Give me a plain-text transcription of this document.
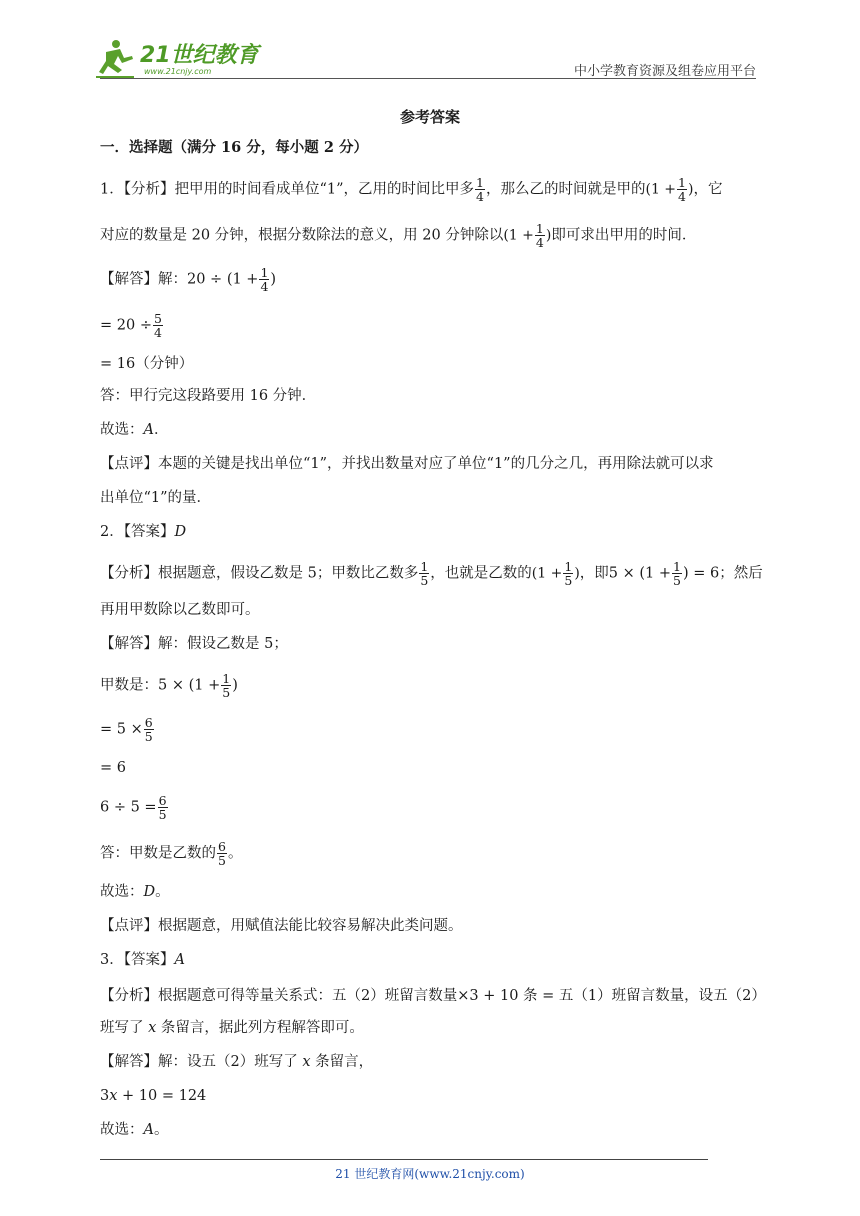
21世纪教育
www.21cnjy.com	中小学教育资源及组卷应用平台
参考答案
一．选择题（满分 16 分，每小题 2 分）
1．【分析】把甲用的时间看成单位“1”，乙用的时间比甲多 $\frac{1}{4}$ ，那么乙的时间就是甲的($1 + \frac{1}{4}$ )，它
对应的数量是 20 分钟，根据分数除法的意义，用 20 分钟除以($1 + \frac{1}{4}$ )即可求出甲用的时间．
【解答】解：$20 \div (1 + \frac{1}{4}$ )
= $20 \div \frac{5}{4}$
= 16（分钟）
答：甲行完这段路要用 16 分钟．
故选：A．
【点评】本题的关键是找出单位“1”，并找出数量对应了单位“1”的几分之几，再用除法就可以求
出单位“1”的量．
2．【答案】D
【分析】根据题意，假设乙数是 5；甲数比乙数多 $\frac{1}{5}$ ，也就是乙数的($1 + \frac{1}{5}$ )，即$5 \times (1 + \frac{1}{5}$ ) = 6；然后
再用甲数除以乙数即可。
【解答】解：假设乙数是 5；
甲数是：$5 \times (1 + \frac{1}{5}$ )
= $5 \times \frac{6}{5}$
= 6
$6 \div 5 = \frac{6}{5}$
答：甲数是乙数的 $\frac{6}{5}$ 。
故选：D。
【点评】根据题意，用赋值法能比较容易解决此类问题。
3．【答案】A
【分析】根据题意可得等量关系式：五（2）班留言数量×3 + 10 条 = 五（1）班留言数量，设五（2）
班写了 x 条留言，据此列方程解答即可。
【解答】解：设五（2）班写了 x 条留言，
3x + 10 = 124
故选：A。
21 世纪教育网(www.21cnjy.com)
